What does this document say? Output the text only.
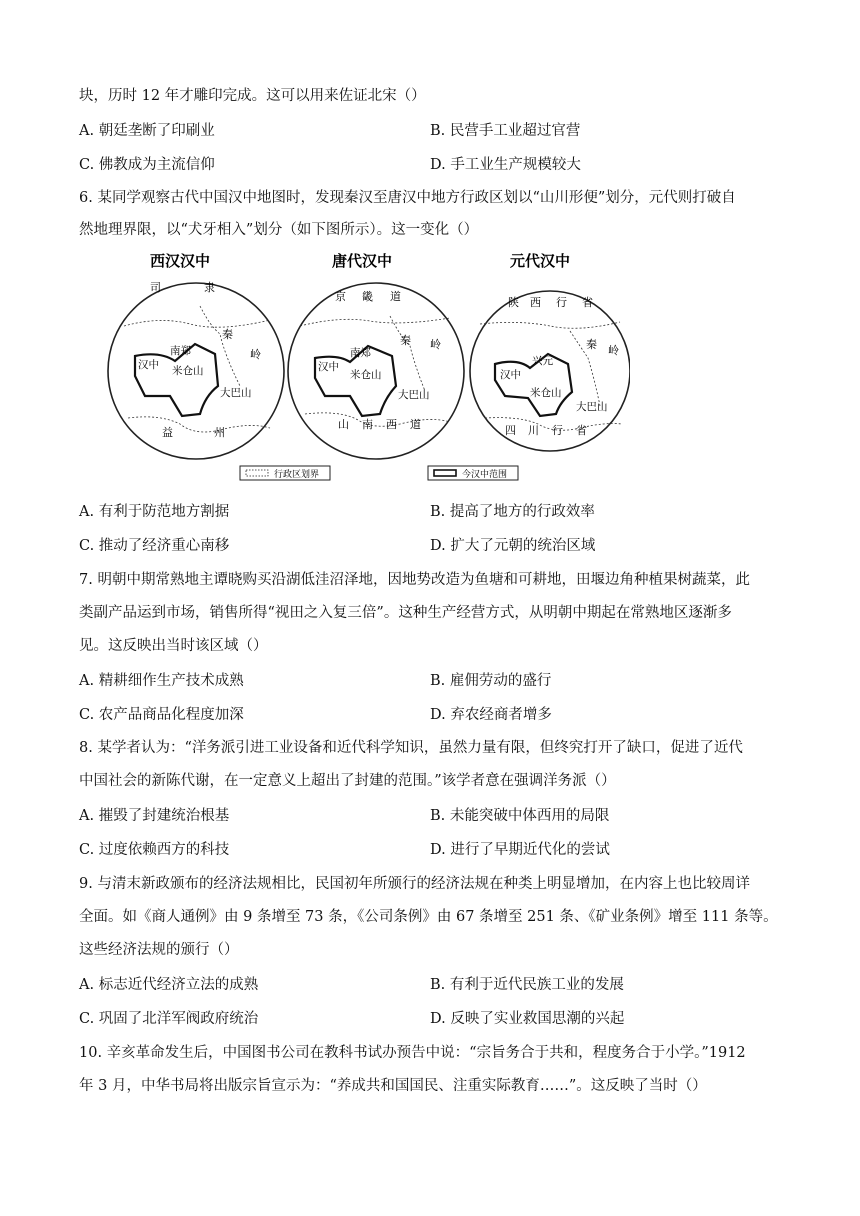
块，历时 12 年才雕印完成。这可以用来佐证北宋（）
A. 朝廷垄断了印刷业	B. 民营手工业超过官营
C. 佛教成为主流信仰	D. 手工业生产规模较大
6. 某同学观察古代中国汉中地图时，发现秦汉至唐汉中地方行政区划以“山川形便”划分，元代则打破自
然地理界限，以“犬牙相入”划分（如下图所示）。这一变化（）
西汉汉中
司	隶
秦
岭
南郑
汉中 米仓山
大巴山
益	州
唐代汉中
京 畿 道
秦 岭
南郑
汉中
米仓山
大巴山
山 南 西 道
元代汉中
陕 西 行 省
秦 岭
兴元
汉中
米仓山
大巴山
四 川 行 省
行政区划界	今汉中范围
A. 有利于防范地方割据	B. 提高了地方的行政效率
C. 推动了经济重心南移	D. 扩大了元朝的统治区域
7. 明朝中期常熟地主谭晓购买沿湖低洼沼泽地，因地势改造为鱼塘和可耕地，田堰边角种植果树蔬菜，此
类副产品运到市场，销售所得“视田之入复三倍”。这种生产经营方式，从明朝中期起在常熟地区逐渐多
见。这反映出当时该区域（）
A. 精耕细作生产技术成熟	B. 雇佣劳动的盛行
C. 农产品商品化程度加深	D. 弃农经商者增多
8. 某学者认为：“洋务派引进工业设备和近代科学知识，虽然力量有限，但终究打开了缺口，促进了近代
中国社会的新陈代谢，在一定意义上超出了封建的范围。”该学者意在强调洋务派（）
A. 摧毁了封建统治根基	B. 未能突破中体西用的局限
C. 过度依赖西方的科技	D. 进行了早期近代化的尝试
9. 与清末新政颁布的经济法规相比，民国初年所颁行的经济法规在种类上明显增加，在内容上也比较周详
全面。如《商人通例》由 9 条增至 73 条，《公司条例》由 67 条增至 251 条、《矿业条例》增至 111 条等。
这些经济法规的颁行（）
A. 标志近代经济立法的成熟	B. 有利于近代民族工业的发展
C. 巩固了北洋军阀政府统治	D. 反映了实业救国思潮的兴起
10. 辛亥革命发生后，中国图书公司在教科书试办预告中说：“宗旨务合于共和，程度务合于小学。”1912
年 3 月，中华书局将出版宗旨宣示为：“养成共和国国民、注重实际教育……”。这反映了当时（）
